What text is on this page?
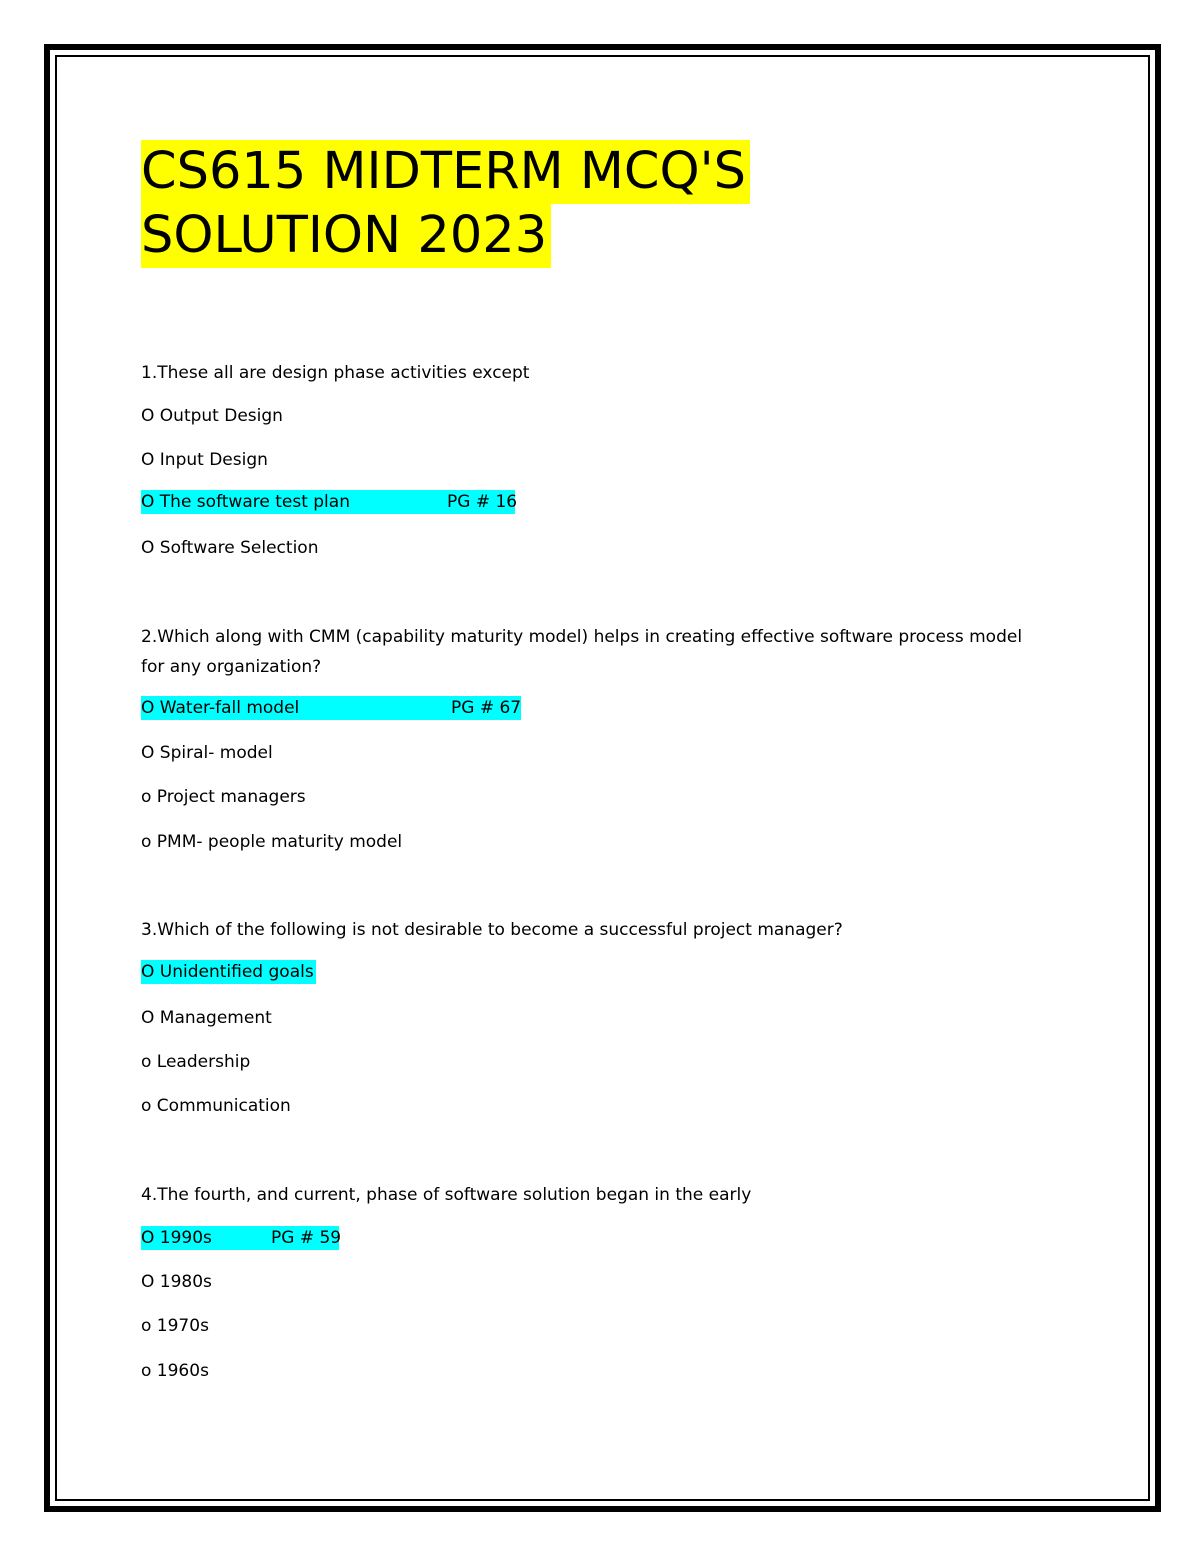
CS615 MIDTERM MCQ'S
SOLUTION 2023

1.These all are design phase activities except

O Output Design

O Input Design

O The software test plan	PG # 16

O Software Selection

2.Which along with CMM (capability maturity model) helps in creating effective software process model

for any organization?

O Water-fall model	PG # 67

O Spiral- model

o Project managers

o PMM- people maturity model

3.Which of the following is not desirable to become a successful project manager?

O Unidentified goals

O Management

o Leadership

o Communication

4.The fourth, and current, phase of software solution began in the early

O 1990s	PG # 59

O 1980s

o 1970s

o 1960s
